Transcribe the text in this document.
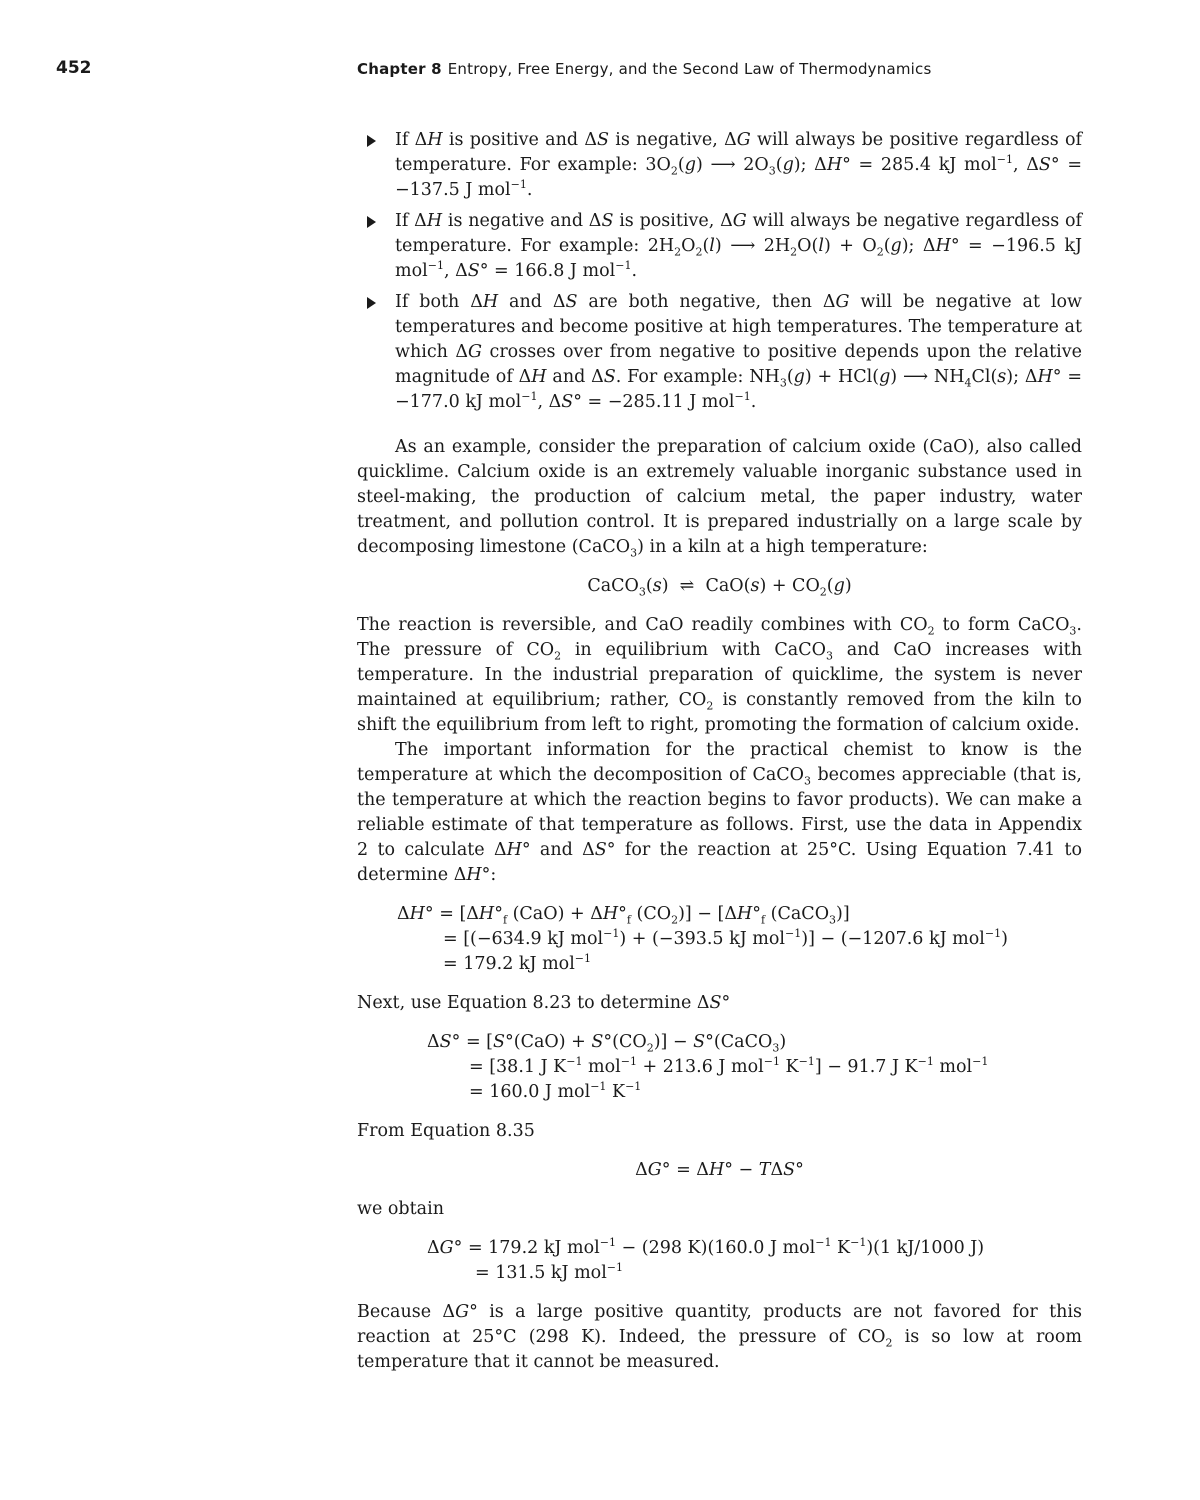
452	Chapter 8 Entropy, Free Energy, and the Second Law of Thermodynamics
If ΔH is positive and ΔS is negative, ΔG will always be positive regardless of temperature. For example: $3O_2(g)$ ⟶ $2O_3(g)$; ΔH° = 285.4 kJ mol$^{-1}$, ΔS° = −137.5 J mol$^{-1}$.
If ΔH is negative and ΔS is positive, ΔG will always be negative regardless of temperature. For example: $2H_2O_2(l)$ ⟶ $2H_2O(l) + O_2(g)$; ΔH° = −196.5 kJ mol$^{-1}$, ΔS° = 166.8 J mol$^{-1}$.
If both ΔH and ΔS are both negative, then ΔG will be negative at low temperatures and become positive at high temperatures. The temperature at which ΔG crosses over from negative to positive depends upon the relative magnitude of ΔH and ΔS. For example: $NH_3(g) + HCl(g)$ ⟶ $NH_4Cl(s)$; ΔH° = −177.0 kJ mol$^{-1}$, ΔS° = −285.11 J mol$^{-1}$.

As an example, consider the preparation of calcium oxide (CaO), also called quicklime. Calcium oxide is an extremely valuable inorganic substance used in steel-making, the production of calcium metal, the paper industry, water treatment, and pollution control. It is prepared industrially on a large scale by decomposing limestone (CaCO$_3$) in a kiln at a high temperature:

CaCO$_3$(s)  ⇌  $CaO(s) + CO_2(g)$

The reaction is reversible, and CaO readily combines with $CO_2$ to form CaCO$_3$. The pressure of $CO_2$ in equilibrium with CaCO$_3$ and CaO increases with temperature. In the industrial preparation of quicklime, the system is never maintained at equilibrium; rather, $CO_2$ is constantly removed from the kiln to shift the equilibrium from left to right, promoting the formation of calcium oxide.

The important information for the practical chemist to know is the temperature at which the decomposition of CaCO$_3$ becomes appreciable (that is, the temperature at which the reaction begins to favor products). We can make a reliable estimate of that temperature as follows. First, use the data in Appendix 2 to calculate ΔH° and ΔS° for the reaction at 25°C. Using Equation 7.41 to determine ΔH°:

$\Delta H^\circ = [\Delta H^\circ_f$ $(CaO) + \Delta H^\circ_f$ $(CO_2)] - [\Delta H^\circ_f$ (CaCO$_3$)]
= [(−634.9 kJ mol$^{-1}$) + (−393.5 kJ mol$^{-1}$)] − (−1207.6 kJ mol$^{-1}$)
= 179.2 kJ mol$^{-1}$

Next, use Equation 8.23 to determine ΔS°

$\Delta S^\circ = [S^\circ(CaO) + S^\circ(CO_2)]$ − S°(CaCO$_3$)
= [38.1 J $K^{-1}$ mol$^{-1}$ + 213.6 J mol$^{-1}$ $K^{-1}] - 91.7$ J $K^{-1}$ mol$^{-1}$
= 160.0 J mol$^{-1}$ $K^{-1}$

From Equation 8.35

ΔG° = ΔH° − TΔS°

we obtain

ΔG° = 179.2 kJ mol$^{-1}$ − (298 K)(160.0 J mol$^{-1}$ $K^{-1})(1$ kJ/1000 J)
= 131.5 kJ mol$^{-1}$

Because ΔG° is a large positive quantity, products are not favored for this reaction at 25°C (298 K). Indeed, the pressure of $CO_2$ is so low at room temperature that it cannot be measured.
